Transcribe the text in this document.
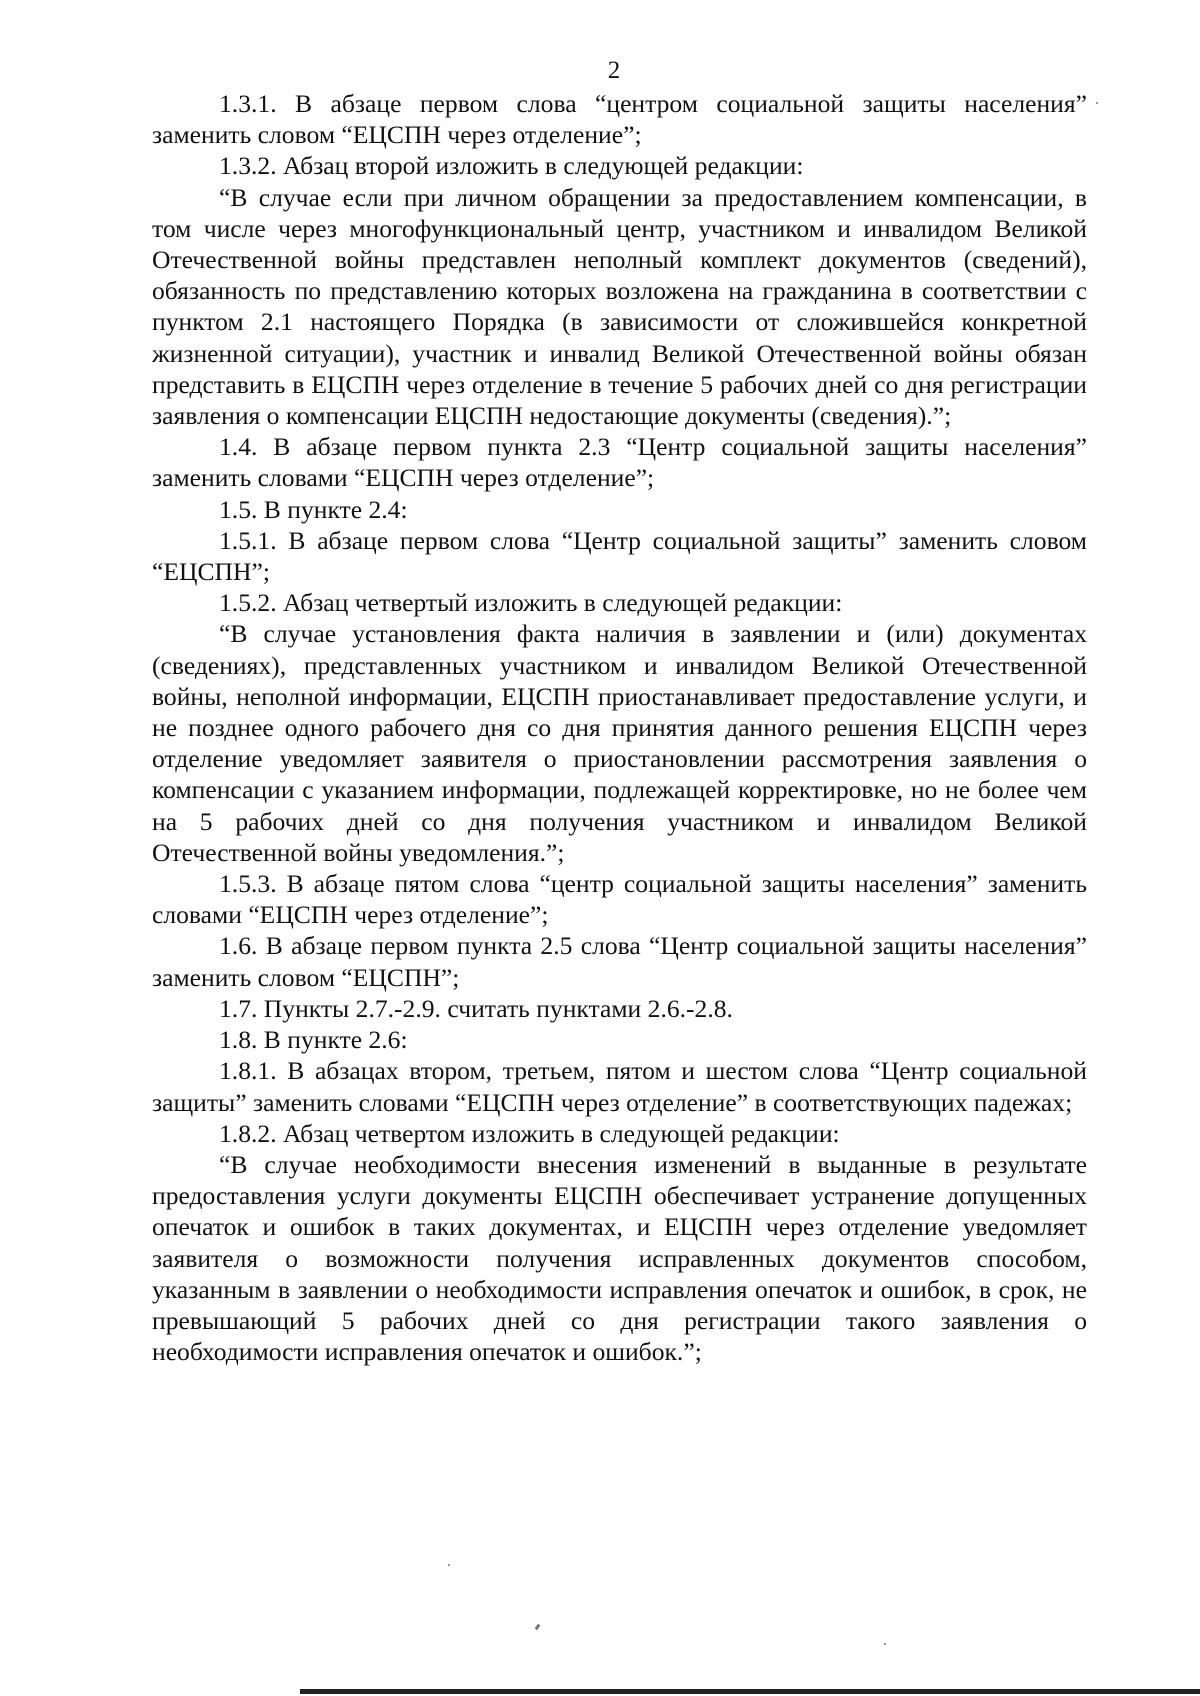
2

1.3.1. В абзаце первом слова “центром социальной защиты населения” заменить словом “ЕЦСПН через отделение”;

1.3.2. Абзац второй изложить в следующей редакции:

“В случае если при личном обращении за предоставлением компенсации, в том числе через многофункциональный центр, участником и инвалидом Великой Отечественной войны представлен неполный комплект документов (сведений), обязанность по представлению которых возложена на гражданина в соответствии с пунктом 2.1 настоящего Порядка (в зависимости от сложившейся конкретной жизненной ситуации), участник и инвалид Великой Отечественной войны обязан представить в ЕЦСПН через отделение в течение 5 рабочих дней со дня регистрации заявления о компенсации ЕЦСПН недостающие документы (сведения).”;

1.4. В абзаце первом пункта 2.3 “Центр социальной защиты населения” заменить словами “ЕЦСПН через отделение”;

1.5. В пункте 2.4:

1.5.1. В абзаце первом слова “Центр социальной защиты” заменить словом “ЕЦСПН”;

1.5.2. Абзац четвертый изложить в следующей редакции:

“В случае установления факта наличия в заявлении и (или) документах (сведениях), представленных участником и инвалидом Великой Отечественной войны, неполной информации, ЕЦСПН приостанавливает предоставление услуги, и не позднее одного рабочего дня со дня принятия данного решения ЕЦСПН через отделение уведомляет заявителя о приостановлении рассмотрения заявления о компенсации с указанием информации, подлежащей корректировке, но не более чем на 5 рабочих дней со дня получения участником и инвалидом Великой Отечественной войны уведомления.”;

1.5.3. В абзаце пятом слова “центр социальной защиты населения” заменить словами “ЕЦСПН через отделение”;

1.6. В абзаце первом пункта 2.5 слова “Центр социальной защиты населения” заменить словом “ЕЦСПН”;

1.7. Пункты 2.7.-2.9. считать пунктами 2.6.-2.8.

1.8. В пункте 2.6:

1.8.1. В абзацах втором, третьем, пятом и шестом слова “Центр социальной защиты” заменить словами “ЕЦСПН через отделение” в соответствующих падежах;

1.8.2. Абзац четвертом изложить в следующей редакции:

“В случае необходимости внесения изменений в выданные в результате предоставления услуги документы ЕЦСПН обеспечивает устранение допущенных опечаток и ошибок в таких документах, и ЕЦСПН через отделение уведомляет заявителя о возможности получения исправленных документов способом, указанным в заявлении о необходимости исправления опечаток и ошибок, в срок, не превышающий 5 рабочих дней со дня регистрации такого заявления о необходимости исправления опечаток и ошибок.”;
